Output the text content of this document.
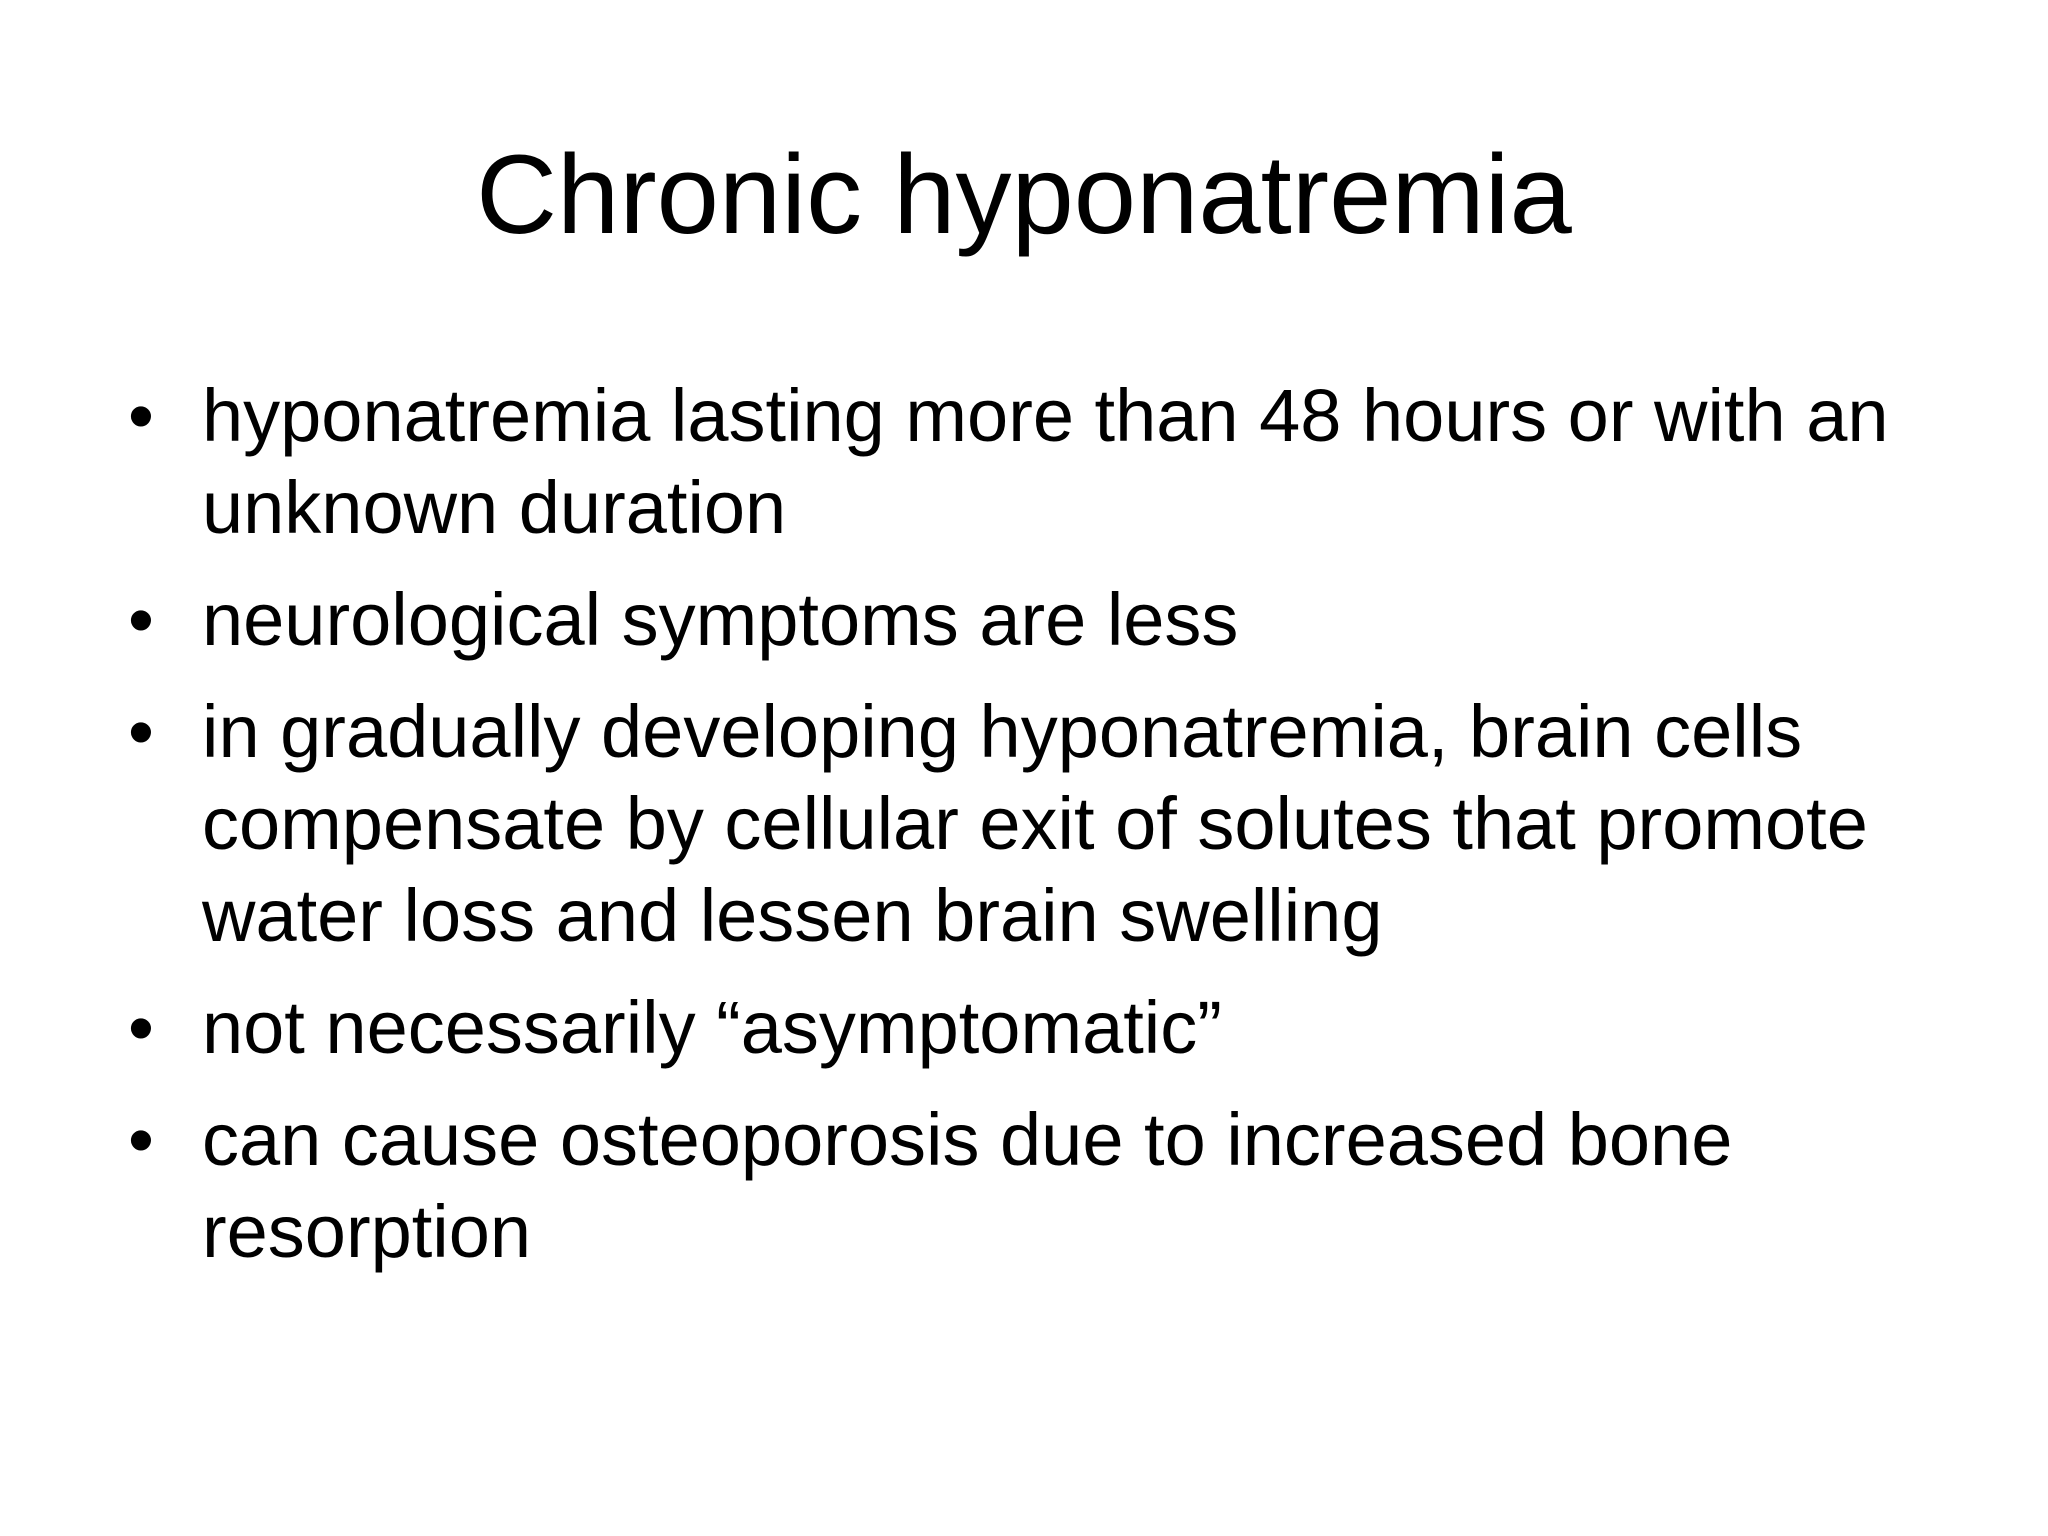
Chronic hyponatremia
• hyponatremia lasting more than 48 hours or with an unknown duration
• neurological symptoms are less
• in gradually developing hyponatremia, brain cells compensate by cellular exit of solutes that promote water loss and lessen brain swelling
• not necessarily “asymptomatic”
• can cause osteoporosis due to increased bone resorption
